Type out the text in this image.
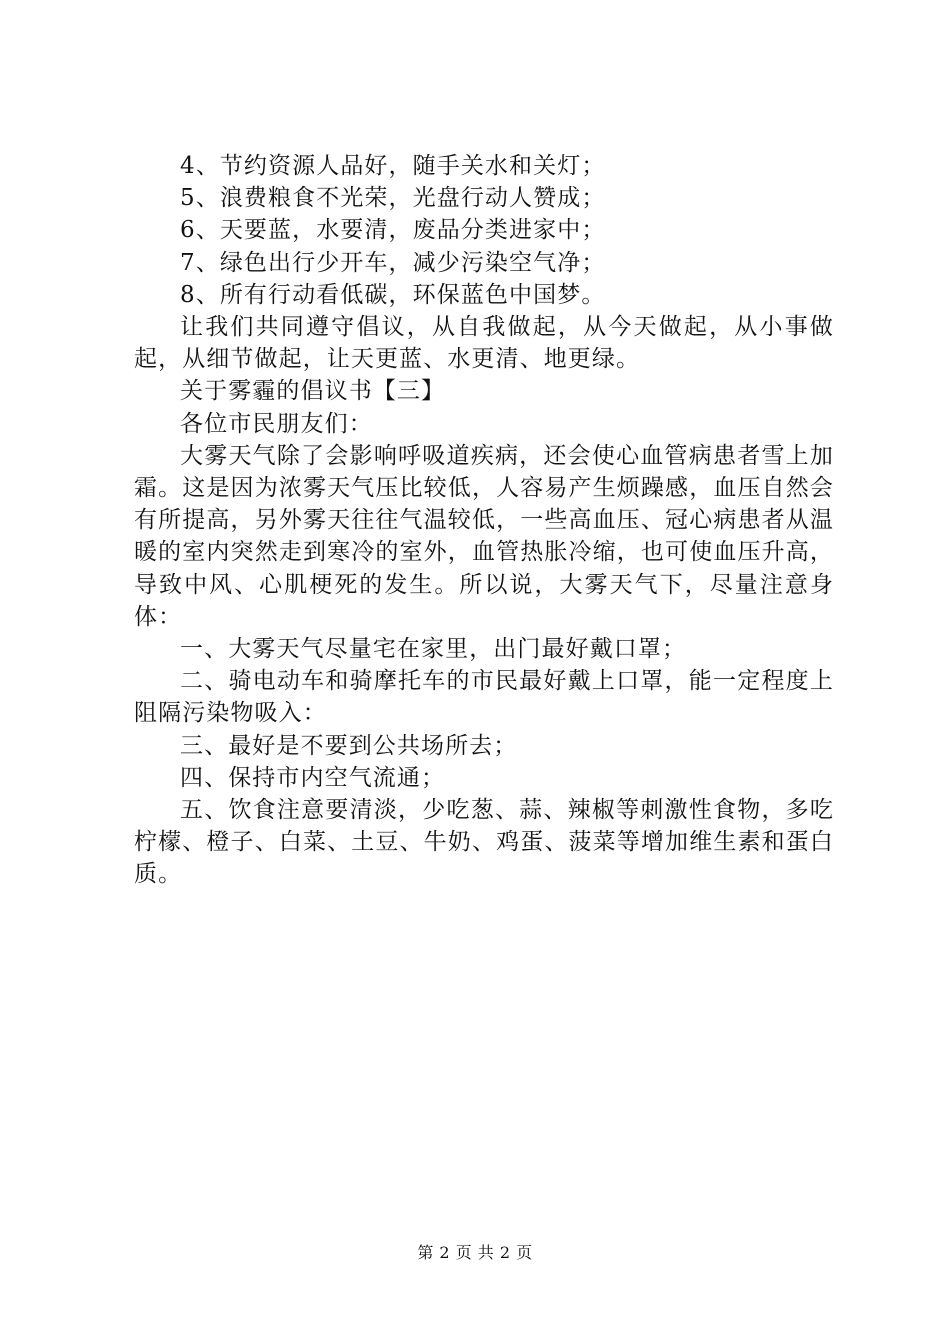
4、节约资源人品好，随手关水和关灯；

5、浪费粮食不光荣，光盘行动人赞成；

6、天要蓝，水要清，废品分类进家中；

7、绿色出行少开车，减少污染空气净；

8、所有行动看低碳，环保蓝色中国梦。

让我们共同遵守倡议，从自我做起，从今天做起，从小事做起，从细节做起，让天更蓝、水更清、地更绿。

关于雾霾的倡议书【三】

各位市民朋友们：

大雾天气除了会影响呼吸道疾病，还会使心血管病患者雪上加霜。这是因为浓雾天气压比较低，人容易产生烦躁感，血压自然会有所提高，另外雾天往往气温较低，一些高血压、冠心病患者从温暖的室内突然走到寒冷的室外，血管热胀冷缩，也可使血压升高，导致中风、心肌梗死的发生。所以说，大雾天气下，尽量注意身体：

一、大雾天气尽量宅在家里，出门最好戴口罩；

二、骑电动车和骑摩托车的市民最好戴上口罩，能一定程度上阻隔污染物吸入：

三、最好是不要到公共场所去；

四、保持市内空气流通；

五、饮食注意要清淡，少吃葱、蒜、辣椒等刺激性食物，多吃柠檬、橙子、白菜、土豆、牛奶、鸡蛋、菠菜等增加维生素和蛋白质。

第 2 页 共 2 页
